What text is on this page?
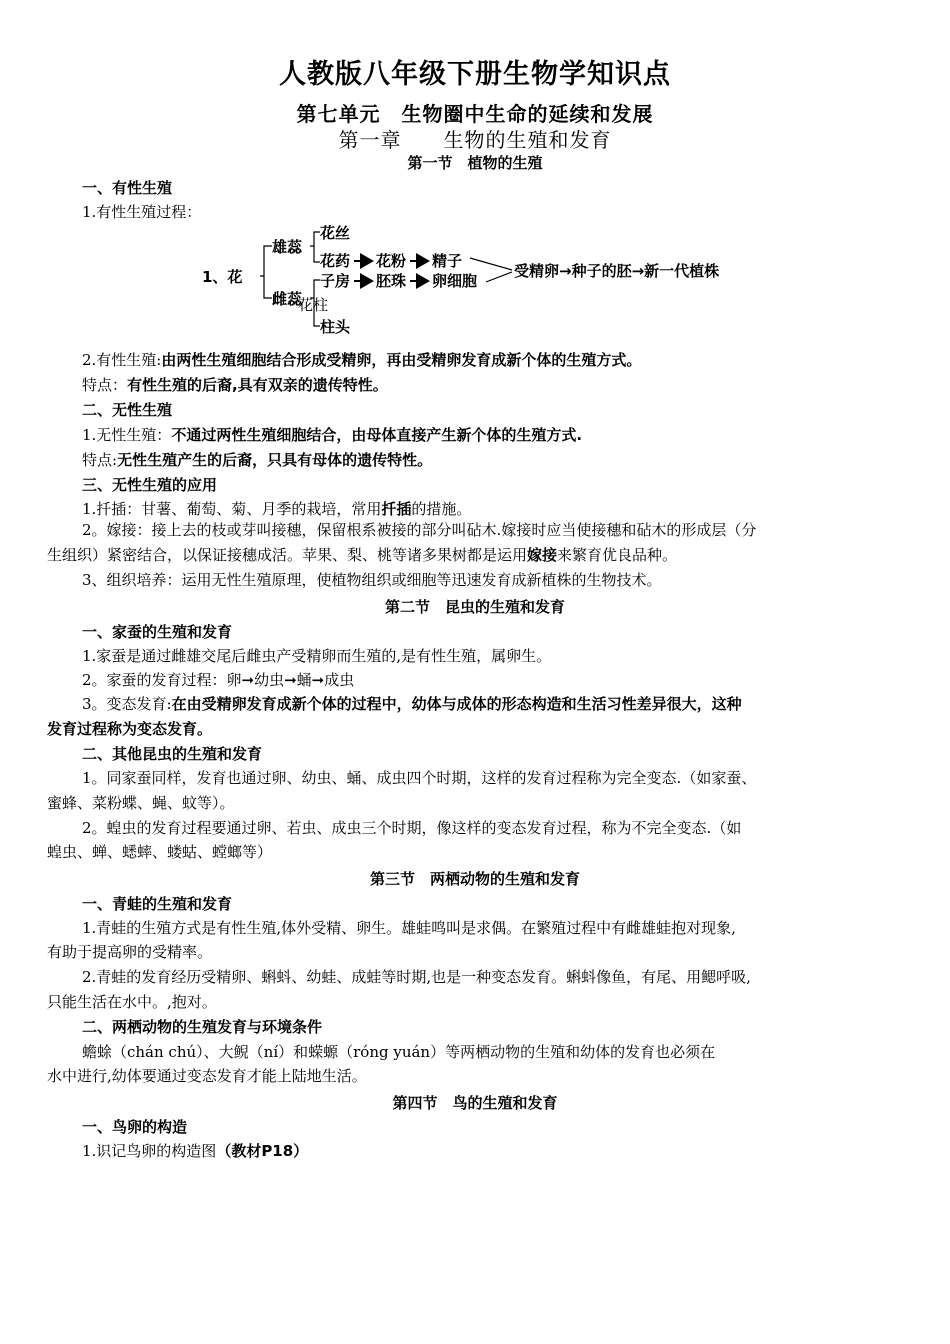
人教版八年级下册生物学知识点
第七单元　生物圈中生命的延续和发展
第一章　　生物的生殖和发育
第一节　植物的生殖
一、有性生殖
1.有性生殖过程：
1、花
雄蕊
雌蕊
花丝
花药 花粉 精子
子房 胚珠 卵细胞
花柱
柱头
受精卵→种子的胚→新一代植株
2.有性生殖:由两性生殖细胞结合形成受精卵，再由受精卵发育成新个体的生殖方式。
特点：有性生殖的后裔,具有双亲的遗传特性。
二、无性生殖
1.无性生殖：不通过两性生殖细胞结合，由母体直接产生新个体的生殖方式.
特点:无性生殖产生的后裔，只具有母体的遗传特性。
三、无性生殖的应用
1.扦插：甘薯、葡萄、菊、月季的栽培，常用扦插的措施。
2。嫁接：接上去的枝或芽叫接穗，保留根系被接的部分叫砧木.嫁接时应当使接穗和砧木的形成层（分
生组织）紧密结合，以保证接穗成活。苹果、梨、桃等诸多果树都是运用嫁接来繁育优良品种。
3、组织培养：运用无性生殖原理，使植物组织或细胞等迅速发育成新植株的生物技术。
第二节　昆虫的生殖和发育
一、家蚕的生殖和发育
1.家蚕是通过雌雄交尾后雌虫产受精卵而生殖的,是有性生殖，属卵生。
2。家蚕的发育过程：卵➞幼虫➞蛹➞成虫
3。变态发育:在由受精卵发育成新个体的过程中，幼体与成体的形态构造和生活习性差异很大，这种
发育过程称为变态发育。
二、其他昆虫的生殖和发育
1。同家蚕同样，发育也通过卵、幼虫、蛹、成虫四个时期，这样的发育过程称为完全变态.（如家蚕、
蜜蜂、菜粉蝶、蝇、蚊等）。
2。蝗虫的发育过程要通过卵、若虫、成虫三个时期，像这样的变态发育过程，称为不完全变态.（如
蝗虫、蝉、蟋蟀、蝼蛄、螳螂等）
第三节　两栖动物的生殖和发育
一、青蛙的生殖和发育
1.青蛙的生殖方式是有性生殖,体外受精、卵生。雄蛙鸣叫是求偶。在繁殖过程中有雌雄蛙抱对现象,
有助于提高卵的受精率。
2.青蛙的发育经历受精卵、蝌蚪、幼蛙、成蛙等时期,也是一种变态发育。蝌蚪像鱼，有尾、用鳃呼吸,
只能生活在水中。,抱对。
二、两栖动物的生殖发育与环境条件
蟾蜍（chán chú）、大鲵（ní）和蝾螈（róng yuán）等两栖动物的生殖和幼体的发育也必须在
水中进行,幼体要通过变态发育才能上陆地生活。
第四节　鸟的生殖和发育
一、鸟卵的构造
1.识记鸟卵的构造图（教材P18）
